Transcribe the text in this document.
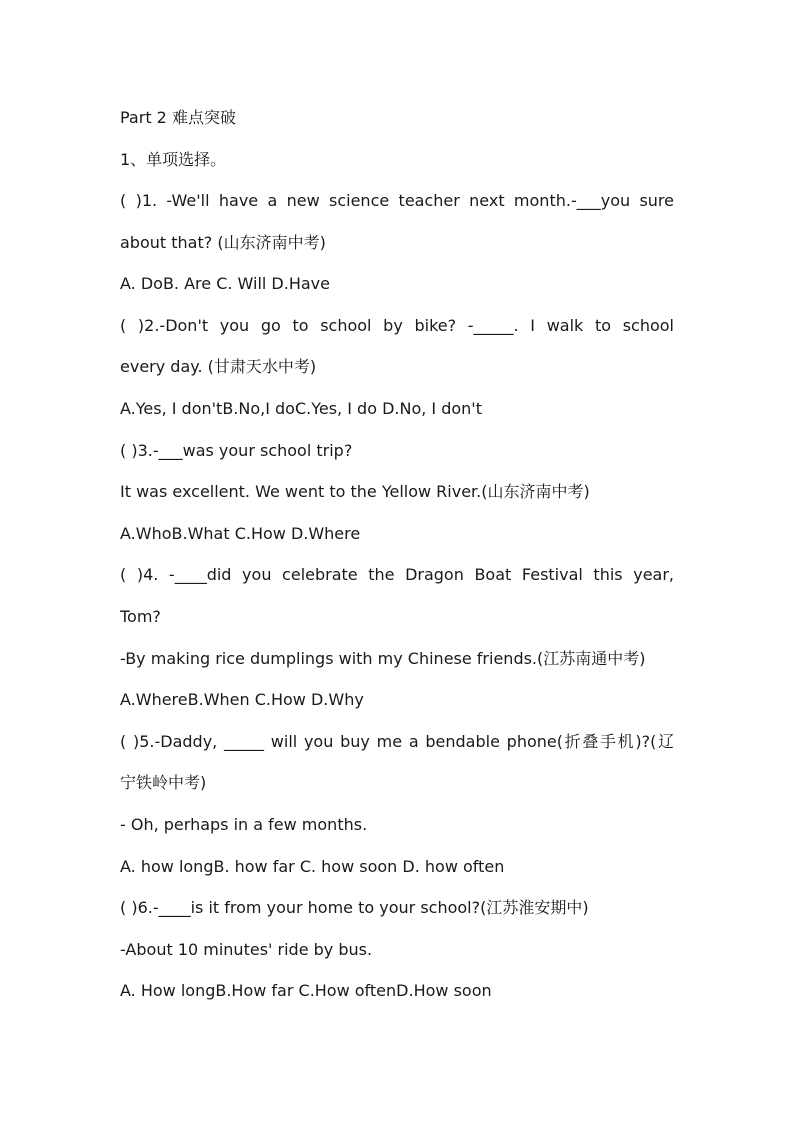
Part 2 难点突破
1、单项选择。
( )1. -We'll have a new science teacher next month.-___you sure
about that? (山东济南中考)
A. DoB. Are C. Will D.Have
( )2.-Don't you go to school by bike? -_____. I walk to school
every day. (甘肃天水中考)
A.Yes, I don'tB.No,I doC.Yes, I do D.No, I don't
( )3.-___was your school trip?
It was excellent. We went to the Yellow River.(山东济南中考)
A.WhoB.What C.How D.Where
( )4. -____did you celebrate the Dragon Boat Festival this year,
Tom?
-By making rice dumplings with my Chinese friends.(江苏南通中考)
A.WhereB.When C.How D.Why
( )5.-Daddy, _____ will you buy me a bendable phone(折叠手机)?(辽
宁铁岭中考)
- Oh, perhaps in a few months.
A. how longB. how far C. how soon D. how often
( )6.-____is it from your home to your school?(江苏淮安期中)
-About 10 minutes' ride by bus.
A. How longB.How far C.How oftenD.How soon
